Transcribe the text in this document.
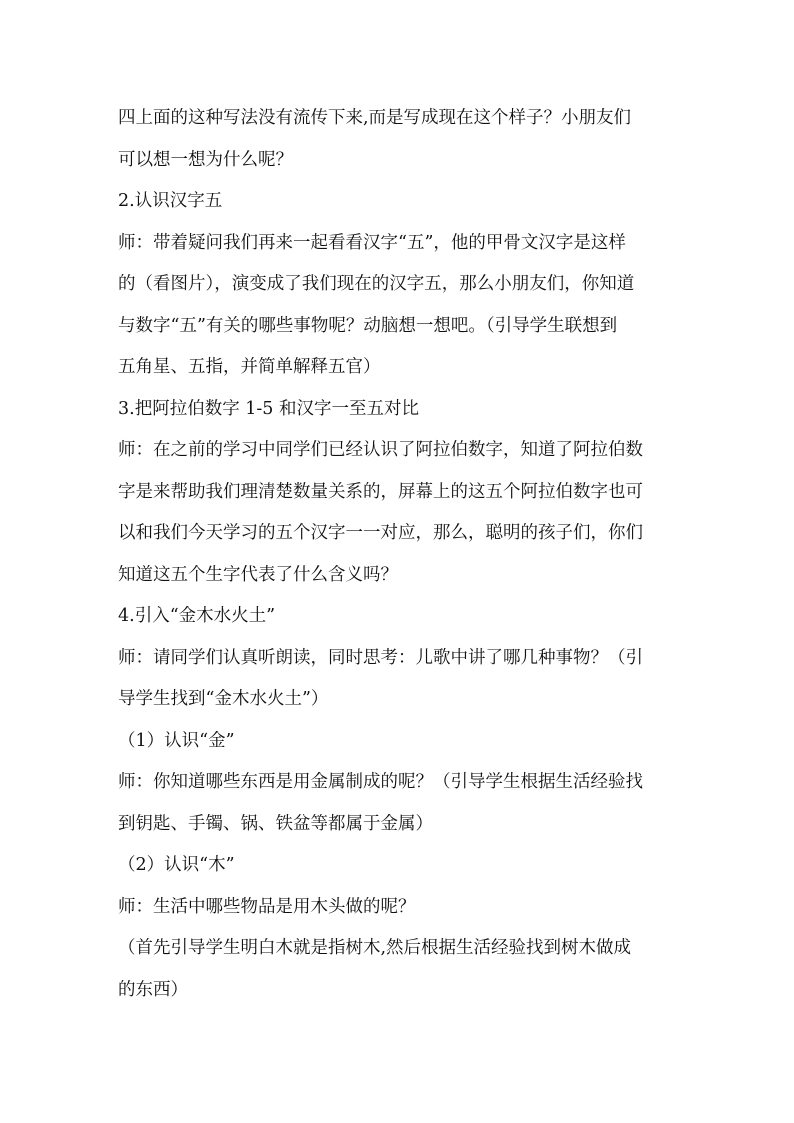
四上面的这种写法没有流传下来,而是写成现在这个样子？小朋友们
可以想一想为什么呢？
2.认识汉字五
师：带着疑问我们再来一起看看汉字“五”，他的甲骨文汉字是这样
的（看图片），演变成了我们现在的汉字五，那么小朋友们，你知道
与数字“五”有关的哪些事物呢？动脑想一想吧。（引导学生联想到
五角星、五指，并简单解释五官）
3.把阿拉伯数字 1-5 和汉字一至五对比
师：在之前的学习中同学们已经认识了阿拉伯数字，知道了阿拉伯数
字是来帮助我们理清楚数量关系的，屏幕上的这五个阿拉伯数字也可
以和我们今天学习的五个汉字一一对应，那么，聪明的孩子们，你们
知道这五个生字代表了什么含义吗？
4.引入“金木水火土”
师：请同学们认真听朗读，同时思考：儿歌中讲了哪几种事物？（引
导学生找到“金木水火土”）
（1）认识“金”
师：你知道哪些东西是用金属制成的呢？（引导学生根据生活经验找
到钥匙、手镯、锅、铁盆等都属于金属）
（2）认识“木”
师：生活中哪些物品是用木头做的呢？
（首先引导学生明白木就是指树木,然后根据生活经验找到树木做成
的东西）
